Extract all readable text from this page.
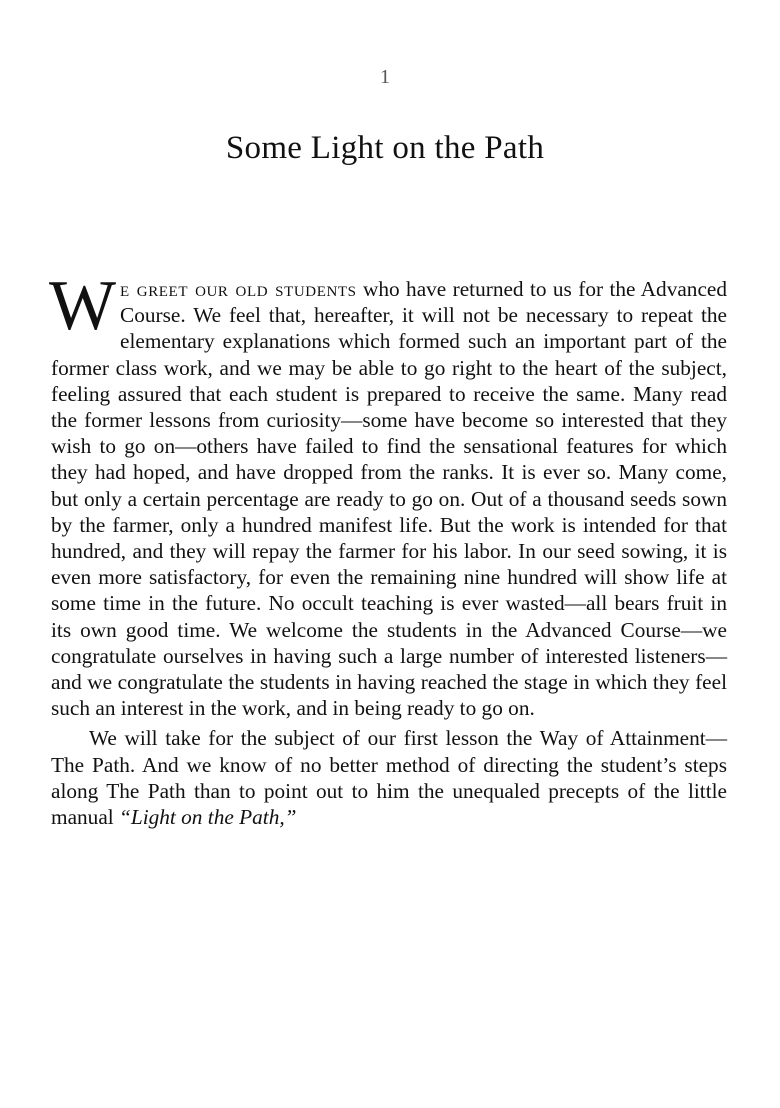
1
Some Light on the Path

We greet our old students who have returned to us for the Advanced Course. We feel that, hereafter, it will not be necessary to repeat the elementary explanations which formed such an important part of the former class work, and we may be able to go right to the heart of the subject, feeling assured that each student is prepared to receive the same. Many read the former lessons from curiosity—some have become so interested that they wish to go on—others have failed to find the sensational features for which they had hoped, and have dropped from the ranks. It is ever so. Many come, but only a certain percentage are ready to go on. Out of a thousand seeds sown by the farmer, only a hundred manifest life. But the work is intended for that hundred, and they will repay the farmer for his labor. In our seed sowing, it is even more satisfactory, for even the remaining nine hundred will show life at some time in the future. No occult teaching is ever wasted—all bears fruit in its own good time. We welcome the students in the Advanced Course—we congratulate ourselves in having such a large number of interested listeners—and we congratulate the students in having reached the stage in which they feel such an interest in the work, and in being ready to go on.

We will take for the subject of our first lesson the Way of Attainment—The Path. And we know of no better method of directing the student’s steps along The Path than to point out to him the unequaled precepts of the little manual “Light on the Path,”
